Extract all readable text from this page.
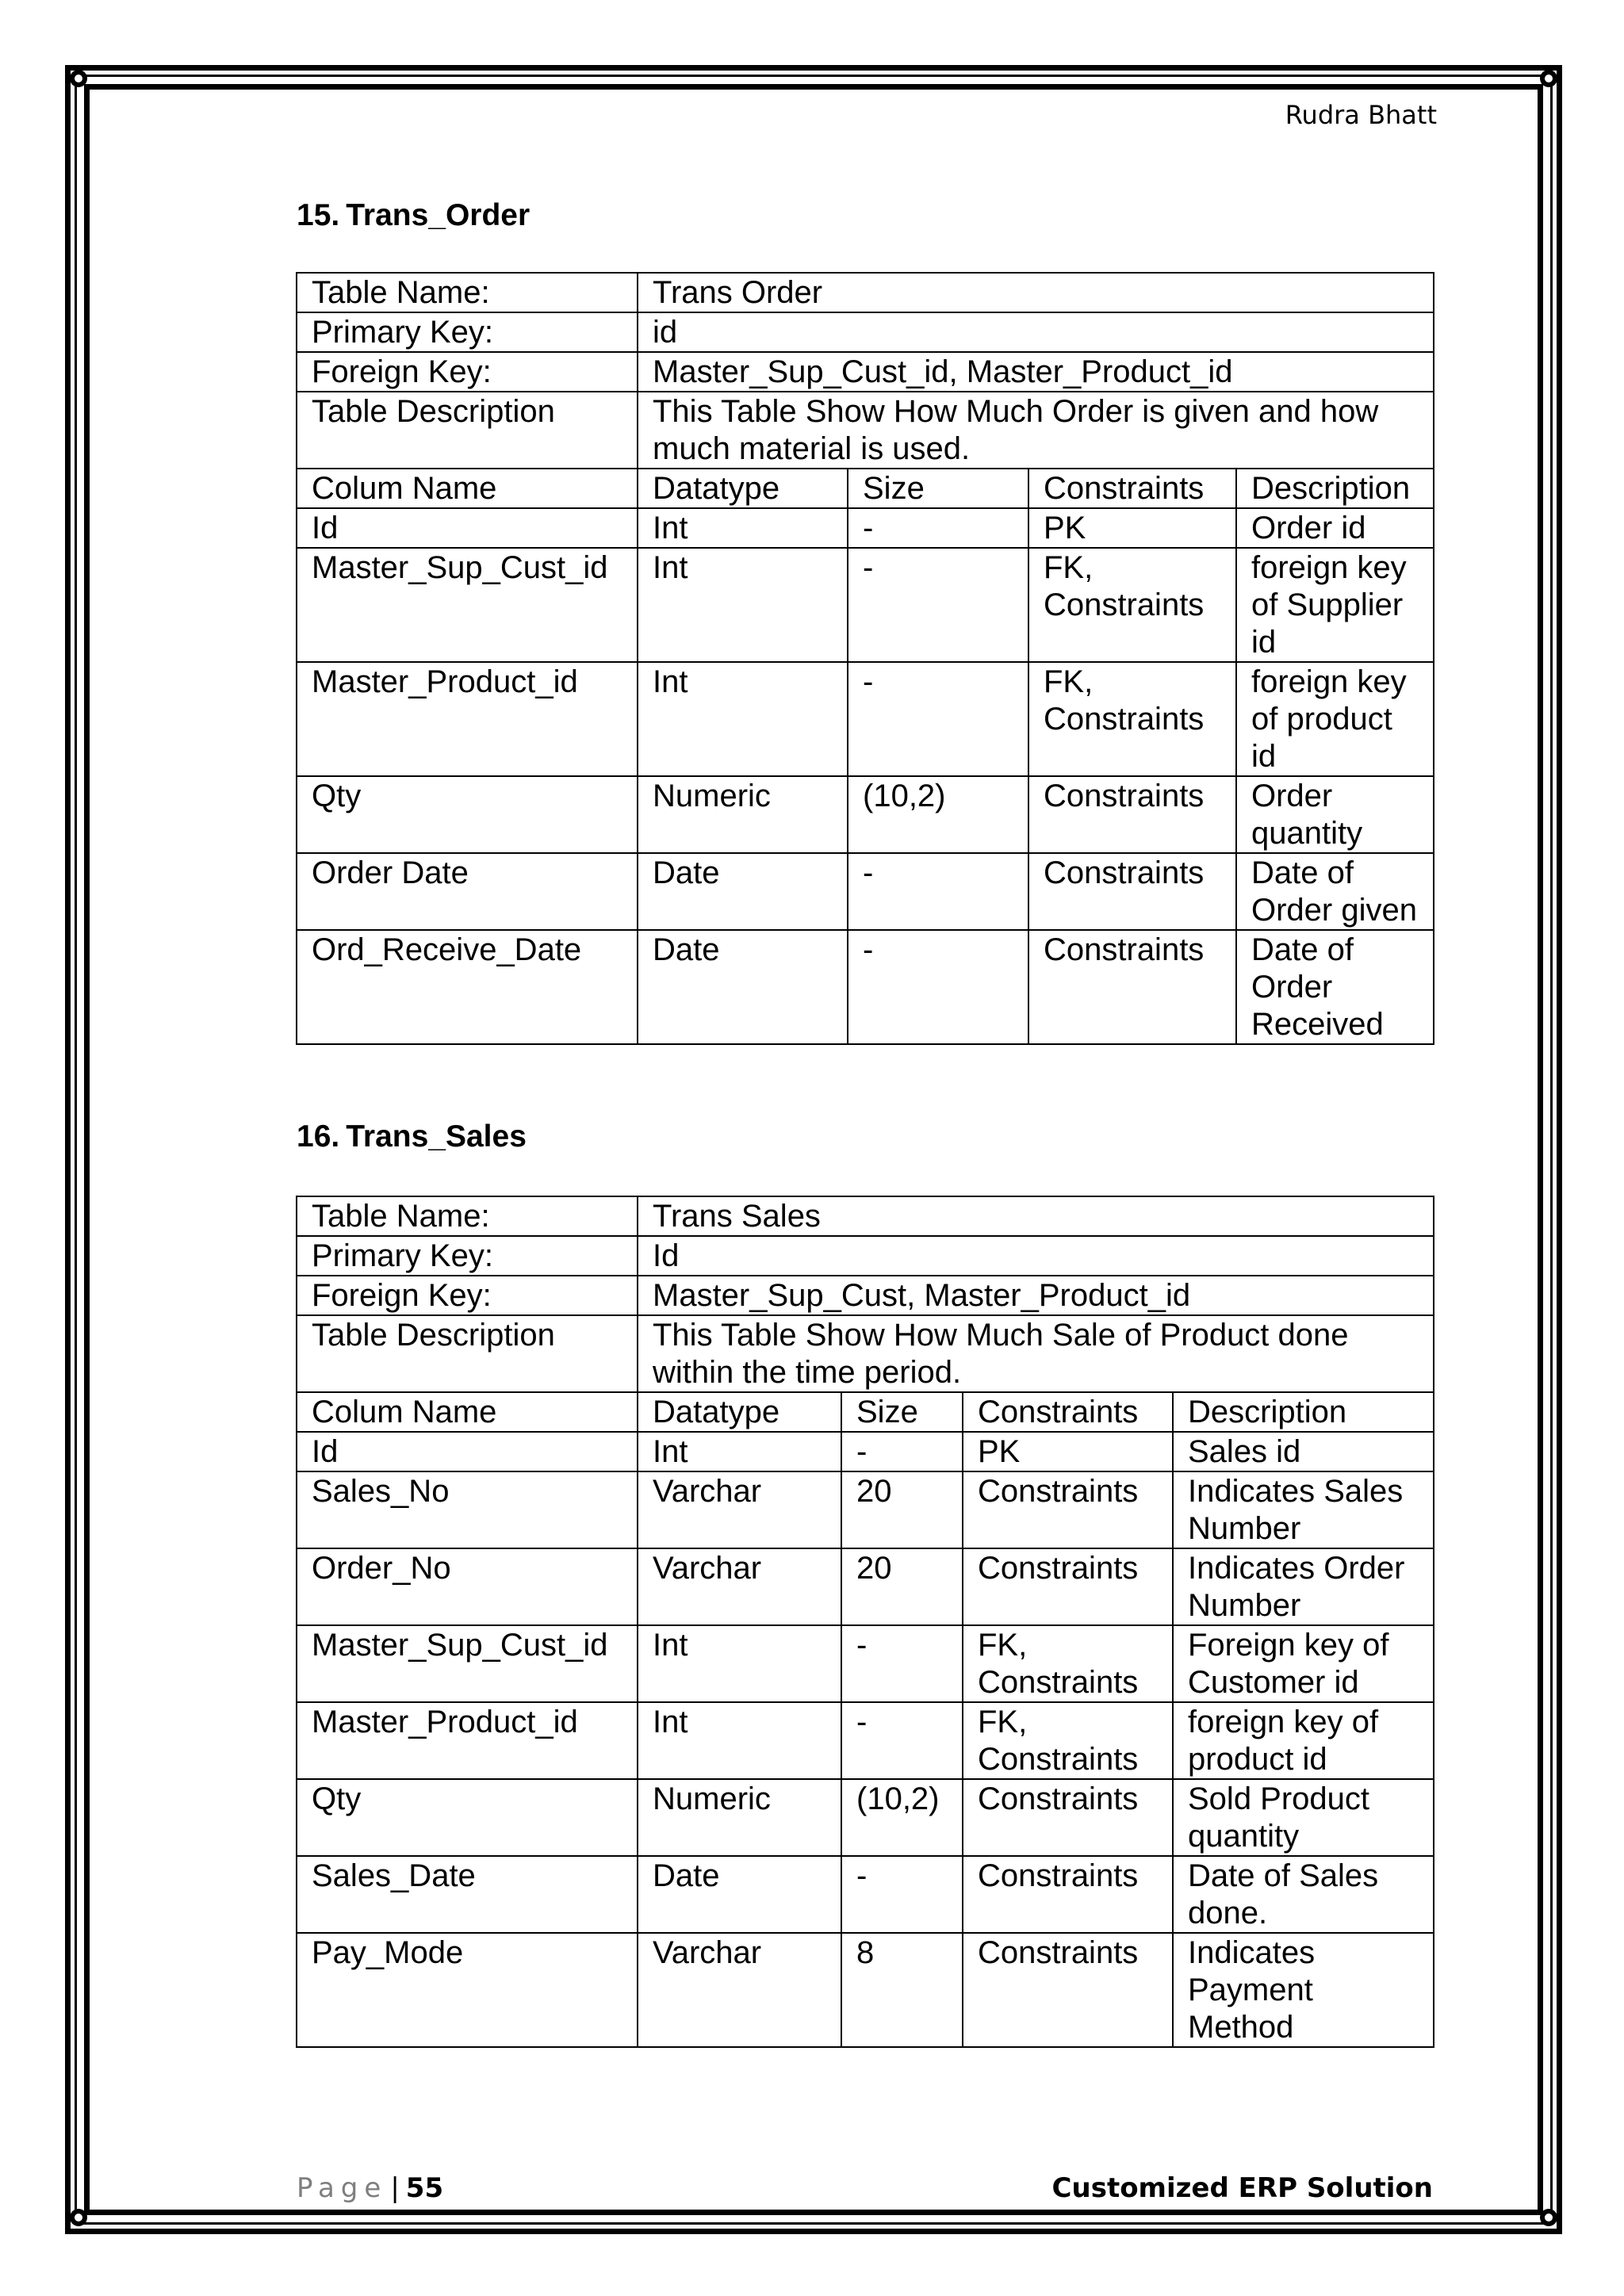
Rudra Bhatt
15. Trans_Order
Table Name:	Trans Order			
Primary Key:	id			
Foreign Key:	Master_Sup_Cust_id, Master_Product_id			
Table Description	This Table Show How Much Order is given and how much material is used.			
Colum Name	Datatype	Size	Constraints	Description
Id	Int	-	PK	Order id
Master_Sup_Cust_id	Int	-	FK, Constraints	foreign key of Supplier id
Master_Product_id	Int	-	FK, Constraints	foreign key of product id
Qty	Numeric	(10,2)	Constraints	Order quantity
Order Date	Date	-	Constraints	Date of Order given
Ord_Receive_Date	Date	-	Constraints	Date of Order Received
16. Trans_Sales
Table Name:	Trans Sales			
Primary Key:	Id			
Foreign Key:	Master_Sup_Cust, Master_Product_id			
Table Description	This Table Show How Much Sale of Product done within the time period.			
Colum Name	Datatype	Size	Constraints	Description
Id	Int	-	PK	Sales id
Sales_No	Varchar	20	Constraints	Indicates Sales Number
Order_No	Varchar	20	Constraints	Indicates Order Number
Master_Sup_Cust_id	Int	-	FK, Constraints	Foreign key of Customer id
Master_Product_id	Int	-	FK, Constraints	foreign key of product id
Qty	Numeric	(10,2)	Constraints	Sold Product quantity
Sales_Date	Date	-	Constraints	Date of Sales done.
Pay_Mode	Varchar	8	Constraints	Indicates Payment Method
Page | 55	Customized ERP Solution
